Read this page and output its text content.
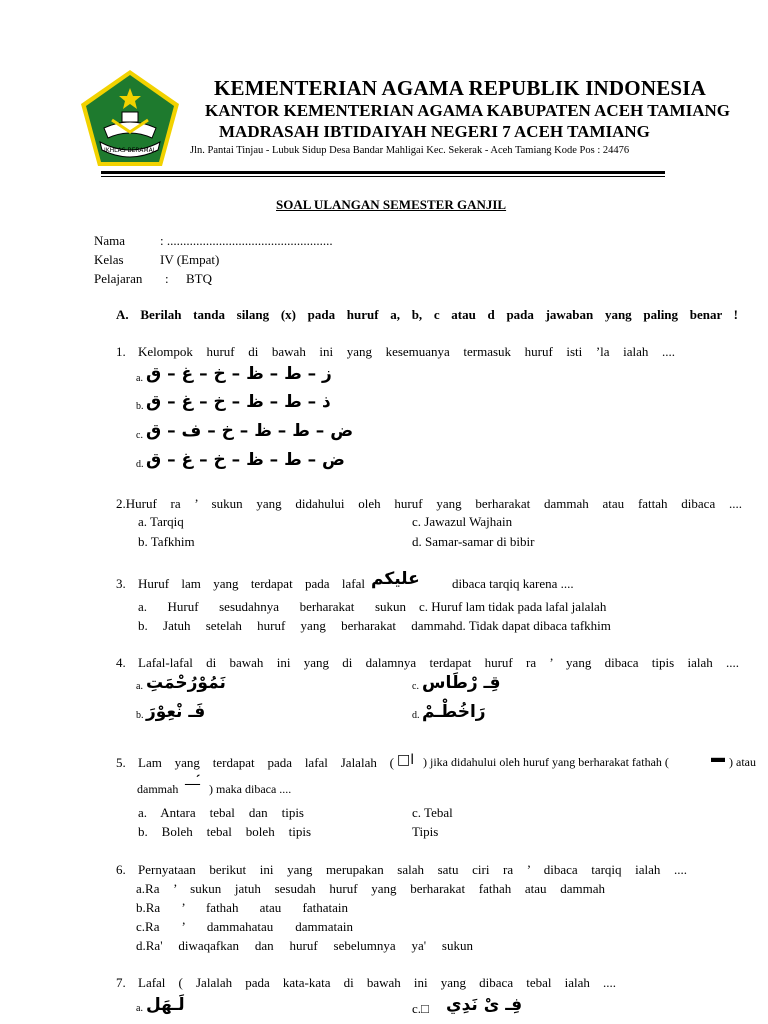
IKHLAS BERAMAL
KEMENTERIAN AGAMA REPUBLIK INDONESIA
KANTOR KEMENTERIAN AGAMA KABUPATEN ACEH TAMIANG
MADRASAH IBTIDAIYAH NEGERI 7 ACEH TAMIANG
Jln. Pantai Tinjau - Lubuk Sidup Desa Bandar Mahligai Kec. Sekerak - Aceh Tamiang Kode Pos : 24476
SOAL ULANGAN SEMESTER GANJIL
Nama	: ...................................................
Kelas	IV (Empat)
Pelajaran : BTQ
A. Berilah tanda silang (x) pada huruf a, b, c atau d pada jawaban yang paling benar !
1. Kelompok huruf di bawah ini yang kesemuanya termasuk huruf isti ’la ialah ....
a. ز – ط – ظ – خ – غ – ق
b. ذ – ط – ظ – خ – غ – ق
c. ض – ط – ظ – خ – ف – ق
d. ض – ط – ظ – خ – غ – ق
2.Huruf ra ’ sukun yang didahului oleh huruf yang berharakat dammah atau fattah dibaca ....
a. Tarqiq
b. Tafkhim
c. Jawazul Wajhain
d. Samar-samar di bibir
3. Huruf lam yang terdapat pada lafal عليكم dibaca tarqiq karena ....
a. Huruf sesudahnya berharakat sukun
b. Jatuh setelah huruf yang berharakat dammah
c. Huruf lam tidak pada lafal jalalah
d. Tidak dapat dibaca tafkhim
4. Lafal-lafal di bawah ini yang di dalamnya terdapat huruf ra ’ yang dibaca tipis ialah ....
a. نَمُوْرُحْمَتِ
b. فَـ نْعِوْرَ
c. قِـ رْطَاس
d. رَاخُطْـمْ
5. Lam yang terdapat pada lafal Jalalah ( □ا ) jika didahului oleh huruf yang berharakat fathah (	▬ ) atau
dammah —́ ) maka dibaca ....
a. Antara tebal dan tipis
b. Boleh tebal boleh tipis
c. Tebal
Tipis
6. Pernyataan berikut ini yang merupakan salah satu ciri ra ’ dibaca tarqiq ialah ....
a.Ra ’ sukun jatuh sesudah huruf yang berharakat fathah atau dammah
b.Ra ’ fathah atau fathatain
c.Ra ’ dammahatau dammatain
d.Ra' diwaqafkan dan huruf sebelumnya ya' sukun
7. Lafal ( Jalalah pada kata-kata di bawah ini yang dibaca tebal ialah ....
a. لَـهَل	c.□ فِـ ىْ نَدِي
